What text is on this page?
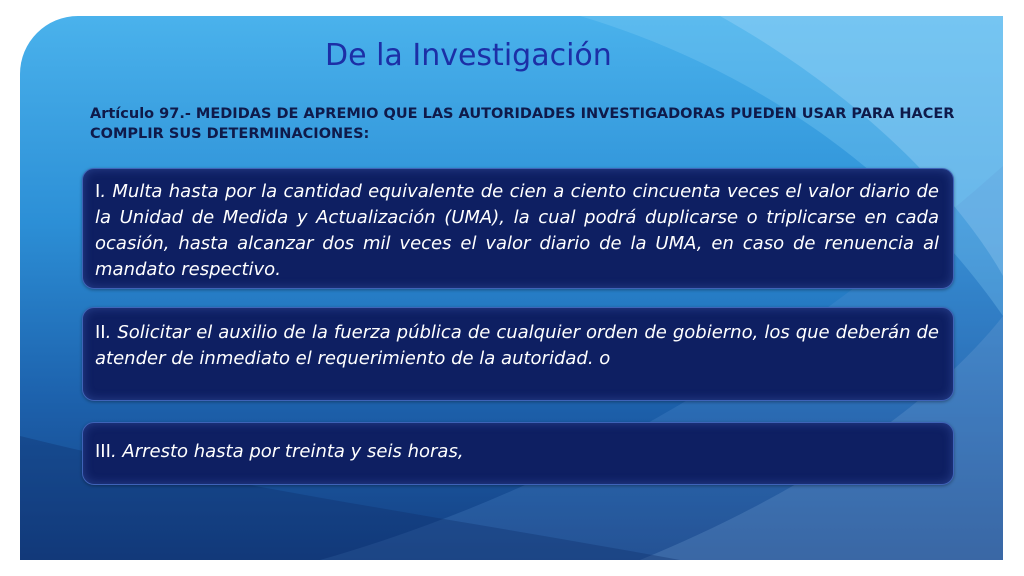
De la Investigación

Artículo 97.- MEDIDAS DE APREMIO QUE LAS AUTORIDADES INVESTIGADORAS PUEDEN USAR PARA HACER COMPLIR SUS DETERMINACIONES:

I. Multa hasta por la cantidad equivalente de cien a ciento cincuenta veces el valor diario de la Unidad de Medida y Actualización (UMA), la cual podrá duplicarse o triplicarse en cada ocasión, hasta alcanzar dos mil veces el valor diario de la UMA, en caso de renuencia al mandato respectivo.

II. Solicitar el auxilio de la fuerza pública de cualquier orden de gobierno, los que deberán de atender de inmediato el requerimiento de la autoridad. o

III. Arresto hasta por treinta y seis horas,
